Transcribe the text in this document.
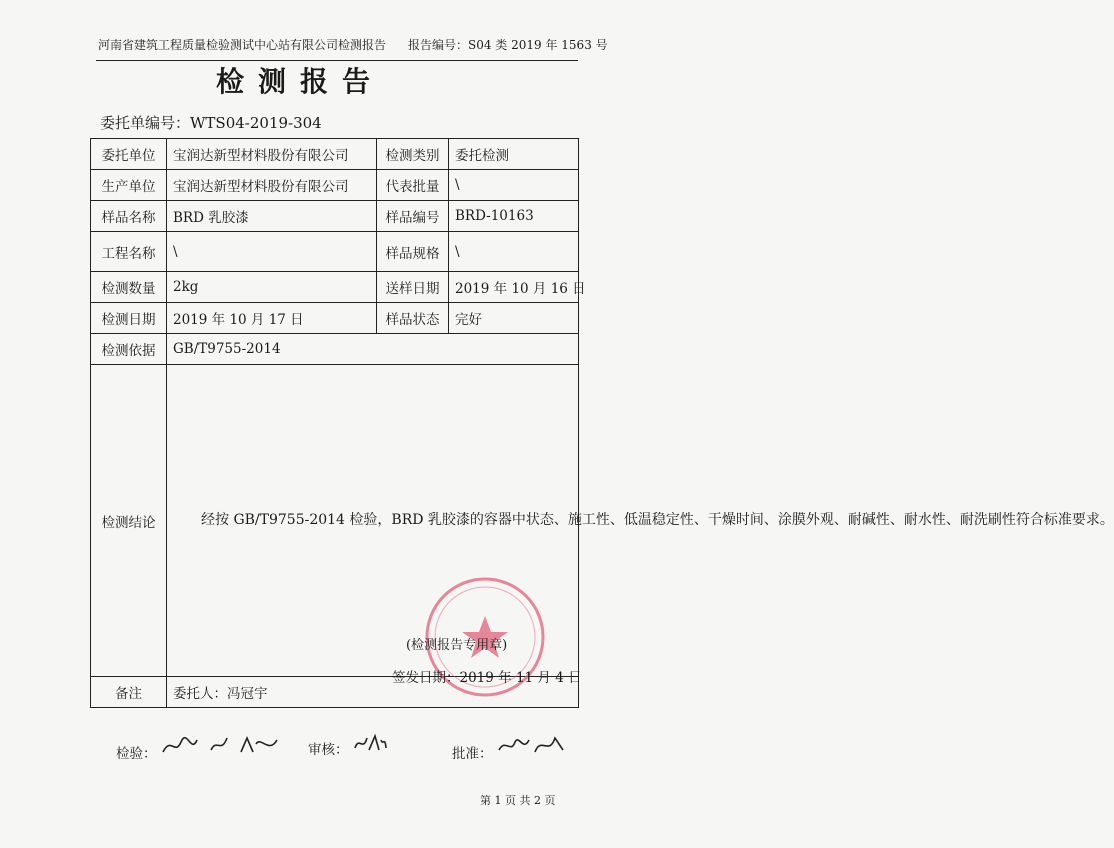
河南省建筑工程质量检验测试中心站有限公司检测报告 报告编号：S04 类 2019 年 1563 号
检测报告
委托单编号：WTS04-2019-304
委托单位	宝润达新型材料股份有限公司	检测类别	委托检测
生产单位	宝润达新型材料股份有限公司	代表批量	\
样品名称	BRD 乳胶漆	样品编号	BRD-10163
工程名称	\	样品规格	\
检测数量	2kg	送样日期	2019 年 10 月 16 日
检测日期	2019 年 10 月 17 日	样品状态	完好
检测依据	GB/T9755-2014		
检测结论	经按 GB/T9755-2014 检验，BRD 乳胶漆的容器中状态、施工性、低温稳定性、干燥时间、涂膜外观、耐碱性、耐水性、耐洗刷性符合标准要求。		
备注	委托人：冯冠宇		
(检测报告专用章)
签发日期：2019 年 11 月 4 日
检验：	审核：	批准：
第 1 页 共 2 页
